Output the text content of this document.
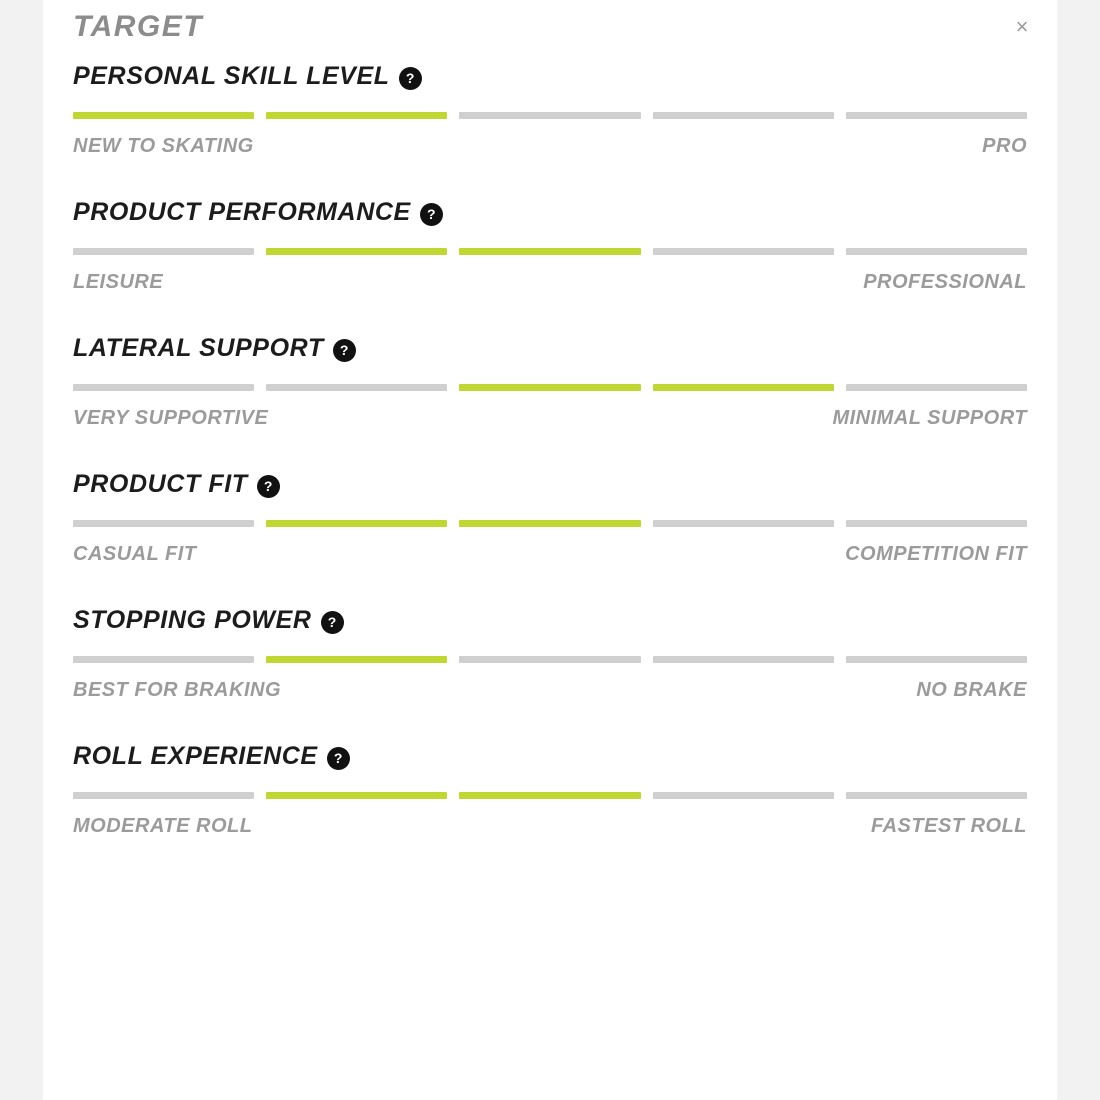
TARGET	×
PERSONAL SKILL LEVEL	?
NEW TO SKATING	PRO
PRODUCT PERFORMANCE	?
LEISURE	PROFESSIONAL
LATERAL SUPPORT	?
VERY SUPPORTIVE	MINIMAL SUPPORT
PRODUCT FIT	?
CASUAL FIT	COMPETITION FIT
STOPPING POWER	?
BEST FOR BRAKING	NO BRAKE
ROLL EXPERIENCE	?
MODERATE ROLL	FASTEST ROLL
